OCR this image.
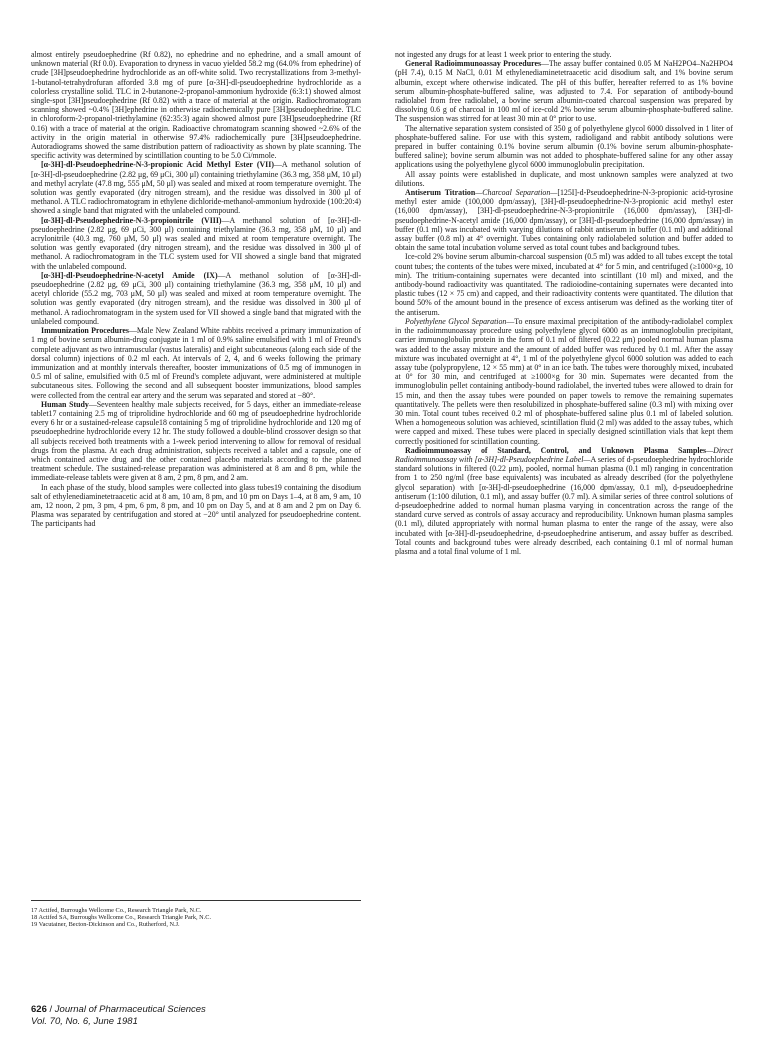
almost entirely pseudoephedrine (Rf 0.82), no ephedrine and no ephedrine, and a small amount of unknown material (Rf 0.0). Evaporation to dryness in vacuo yielded 58.2 mg (64.0% from ephedrine) of crude [3H]pseudoephedrine hydrochloride as an off-white solid. Two recrystallizations from 3-methyl-1-butanol-tetrahydrofuran afforded 3.8 mg of pure [α-3H]-dl-pseudoephedrine hydrochloride as a colorless crystalline solid. TLC in 2-butanone-2-propanol-ammonium hydroxide (6:3:1) showed almost single-spot [3H]pseudoephedrine (Rf 0.82) with a trace of material at the origin. Radiochromatogram scanning showed ~0.4% [3H]ephedrine in otherwise radiochemically pure [3H]pseudoephedrine. TLC in chloroform-2-propanol-triethylamine (62:35:3) again showed almost pure [3H]pseudoephedrine (Rf 0.16) with a trace of material at the origin. Radioactive chromatogram scanning showed ~2.6% of the activity in the origin material in otherwise 97.4% radiochemically pure [3H]pseudoephedrine. Autoradiograms showed the same distribution pattern of radioactivity as shown by plate scanning. The specific activity was determined by scintillation counting to be 5.0 Ci/mmole.

[α-3H]-dl-Pseudoephedrine-N-3-propionic Acid Methyl Ester (VII)—A methanol solution of [α-3H]-dl-pseudoephedrine (2.82 μg, 69 μCi, 300 μl) containing triethylamine (36.3 mg, 358 μM, 10 μl) and methyl acrylate (47.8 mg, 555 μM, 50 μl) was sealed and mixed at room temperature overnight. The solution was gently evaporated (dry nitrogen stream), and the residue was dissolved in 300 μl of methanol. A TLC radiochromatogram in ethylene dichloride-methanol-ammonium hydroxide (100:20:4) showed a single band that migrated with the unlabeled compound.

[α-3H]-dl-Pseudoephedrine-N-3-propionitrile (VIII)—A methanol solution of [α-3H]-dl-pseudoephedrine (2.82 μg, 69 μCi, 300 μl) containing triethylamine (36.3 mg, 358 μM, 10 μl) and acrylonitrile (40.3 mg, 760 μM, 50 μl) was sealed and mixed at room temperature overnight. The solution was gently evaporated (dry nitrogen stream), and the residue was dissolved in 300 μl of methanol. A radiochromatogram in the TLC system used for VII showed a single band that migrated with the unlabeled compound.

[α-3H]-dl-Pseudoephedrine-N-acetyl Amide (IX)—A methanol solution of [α-3H]-dl-pseudoephedrine (2.82 μg, 69 μCi, 300 μl) containing triethylamine (36.3 mg, 358 μM, 10 μl) and acetyl chloride (55.2 mg, 703 μM, 50 μl) was sealed and mixed at room temperature overnight. The solution was gently evaporated (dry nitrogen stream), and the residue was dissolved in 300 μl of methanol. A radiochromatogram in the system used for VII showed a single band that migrated with the unlabeled compound.

Immunization Procedures—Male New Zealand White rabbits received a primary immunization of 1 mg of bovine serum albumin-drug conjugate in 1 ml of 0.9% saline emulsified with 1 ml of Freund's complete adjuvant as two intramuscular (vastus lateralis) and eight subcutaneous (along each side of the dorsal column) injections of 0.2 ml each. At intervals of 2, 4, and 6 weeks following the primary immunization and at monthly intervals thereafter, booster immunizations of 0.5 mg of immunogen in 0.5 ml of saline, emulsified with 0.5 ml of Freund's complete adjuvant, were administered at multiple subcutaneous sites. Following the second and all subsequent booster immunizations, blood samples were collected from the central ear artery and the serum was separated and stored at −80°.

Human Study—Seventeen healthy male subjects received, for 5 days, either an immediate-release tablet17 containing 2.5 mg of triprolidine hydrochloride and 60 mg of pseudoephedrine hydrochloride every 6 hr or a sustained-release capsule18 containing 5 mg of triprolidine hydrochloride and 120 mg of pseudoephedrine hydrochloride every 12 hr. The study followed a double-blind crossover design so that all subjects received both treatments with a 1-week period intervening to allow for removal of residual drugs from the plasma. At each drug administration, subjects received a tablet and a capsule, one of which contained active drug and the other contained placebo materials according to the planned treatment schedule. The sustained-release preparation was administered at 8 am and 8 pm, while the immediate-release tablets were given at 8 am, 2 pm, 8 pm, and 2 am.

In each phase of the study, blood samples were collected into glass tubes19 containing the disodium salt of ethylenediaminetetraacetic acid at 8 am, 10 am, 8 pm, and 10 pm on Days 1–4, at 8 am, 9 am, 10 am, 12 noon, 2 pm, 3 pm, 4 pm, 6 pm, 8 pm, and 10 pm on Day 5, and at 8 am and 2 pm on Day 6. Plasma was separated by centrifugation and stored at −20° until analyzed for pseudoephedrine content. The participants had

not ingested any drugs for at least 1 week prior to entering the study.

General Radioimmunoassay Procedures—The assay buffer contained 0.05 M NaH2PO4–Na2HPO4 (pH 7.4), 0.15 M NaCl, 0.01 M ethylenediaminetetraacetic acid disodium salt, and 1% bovine serum albumin, except where otherwise indicated. The pH of this buffer, hereafter referred to as 1% bovine serum albumin-phosphate-buffered saline, was adjusted to 7.4. For separation of antibody-bound radiolabel from free radiolabel, a bovine serum albumin-coated charcoal suspension was prepared by dissolving 0.6 g of charcoal in 100 ml of ice-cold 2% bovine serum albumin-phosphate-buffered saline. The suspension was stirred for at least 30 min at 0° prior to use.

The alternative separation system consisted of 350 g of polyethylene glycol 6000 dissolved in 1 liter of phosphate-buffered saline. For use with this system, radioligand and rabbit antibody solutions were prepared in buffer containing 0.1% bovine serum albumin (0.1% bovine serum albumin-phosphate-buffered saline); bovine serum albumin was not added to phosphate-buffered saline for any other assay applications using the polyethylene glycol 6000 immunoglobulin precipitation.

All assay points were established in duplicate, and most unknown samples were analyzed at two dilutions.

Antiserum Titration—Charcoal Separation—[125I]-d-Pseudoephedrine-N-3-propionic acid-tyrosine methyl ester amide (100,000 dpm/assay), [3H]-dl-pseudoephedrine-N-3-propionic acid methyl ester (16,000 dpm/assay), [3H]-dl-pseudoephedrine-N-3-propionitrile (16,000 dpm/assay), [3H]-dl-pseudoephedrine-N-acetyl amide (16,000 dpm/assay), or [3H]-dl-pseudoephedrine (16,000 dpm/assay) in buffer (0.1 ml) was incubated with varying dilutions of rabbit antiserum in buffer (0.1 ml) and additional assay buffer (0.8 ml) at 4° overnight. Tubes containing only radiolabeled solution and buffer added to obtain the same total incubation volume served as total count tubes and background tubes.

Ice-cold 2% bovine serum albumin-charcoal suspension (0.5 ml) was added to all tubes except the total count tubes; the contents of the tubes were mixed, incubated at 4° for 5 min, and centrifuged (≥1000×g, 10 min). The tritium-containing supernates were decanted into scintillant (10 ml) and mixed, and the antibody-bound radioactivity was quantitated. The radioiodine-containing supernates were decanted into plastic tubes (12 × 75 cm) and capped, and their radioactivity contents were quantitated. The dilution that bound 50% of the amount bound in the presence of excess antiserum was defined as the working titer of the antiserum.

Polyethylene Glycol Separation—To ensure maximal precipitation of the antibody-radiolabel complex in the radioimmunoassay procedure using polyethylene glycol 6000 as an immunoglobulin precipitant, carrier immunoglobulin protein in the form of 0.1 ml of filtered (0.22 μm) pooled normal human plasma was added to the assay mixture and the amount of added buffer was reduced by 0.1 ml. After the assay mixture was incubated overnight at 4°, 1 ml of the polyethylene glycol 6000 solution was added to each assay tube (polypropylene, 12 × 55 mm) at 0° in an ice bath. The tubes were thoroughly mixed, incubated at 0° for 30 min, and centrifuged at ≥1000×g for 30 min. Supernates were decanted from the immunoglobulin pellet containing antibody-bound radiolabel, the inverted tubes were allowed to drain for 15 min, and then the assay tubes were pounded on paper towels to remove the remaining supernates quantitatively. The pellets were then resolubilized in phosphate-buffered saline (0.3 ml) with mixing over 30 min. Total count tubes received 0.2 ml of phosphate-buffered saline plus 0.1 ml of labeled solution. When a homogeneous solution was achieved, scintillation fluid (2 ml) was added to the assay tubes, which were capped and mixed. These tubes were placed in specially designed scintillation vials that kept them correctly positioned for scintillation counting.

Radioimmunoassay of Standard, Control, and Unknown Plasma Samples—Direct Radioimmunoassay with [α-3H]-dl-Pseudoephedrine Label—A series of d-pseudoephedrine hydrochloride standard solutions in filtered (0.22 μm), pooled, normal human plasma (0.1 ml) ranging in concentration from 1 to 250 ng/ml (free base equivalents) was incubated as already described (for the polyethylene glycol separation) with [α-3H]-dl-pseudoephedrine (16,000 dpm/assay, 0.1 ml), d-pseudoephedrine antiserum (1:100 dilution, 0.1 ml), and assay buffer (0.7 ml). A similar series of three control solutions of d-pseudoephedrine added to normal human plasma varying in concentration across the range of the standard curve served as controls of assay accuracy and reproducibility. Unknown human plasma samples (0.1 ml), diluted appropriately with normal human plasma to enter the range of the assay, were also incubated with [α-3H]-dl-pseudoephedrine, d-pseudoephedrine antiserum, and assay buffer as described. Total counts and background tubes were already described, each containing 0.1 ml of normal human plasma and a total final volume of 1 ml.

17 Actifed, Burroughs Wellcome Co., Research Triangle Park, N.C.
18 Actifed SA, Burroughs Wellcome Co., Research Triangle Park, N.C.
19 Vacutainer, Becton-Dickinson and Co., Rutherford, N.J.
626 / Journal of Pharmaceutical Sciences
Vol. 70, No. 6, June 1981
